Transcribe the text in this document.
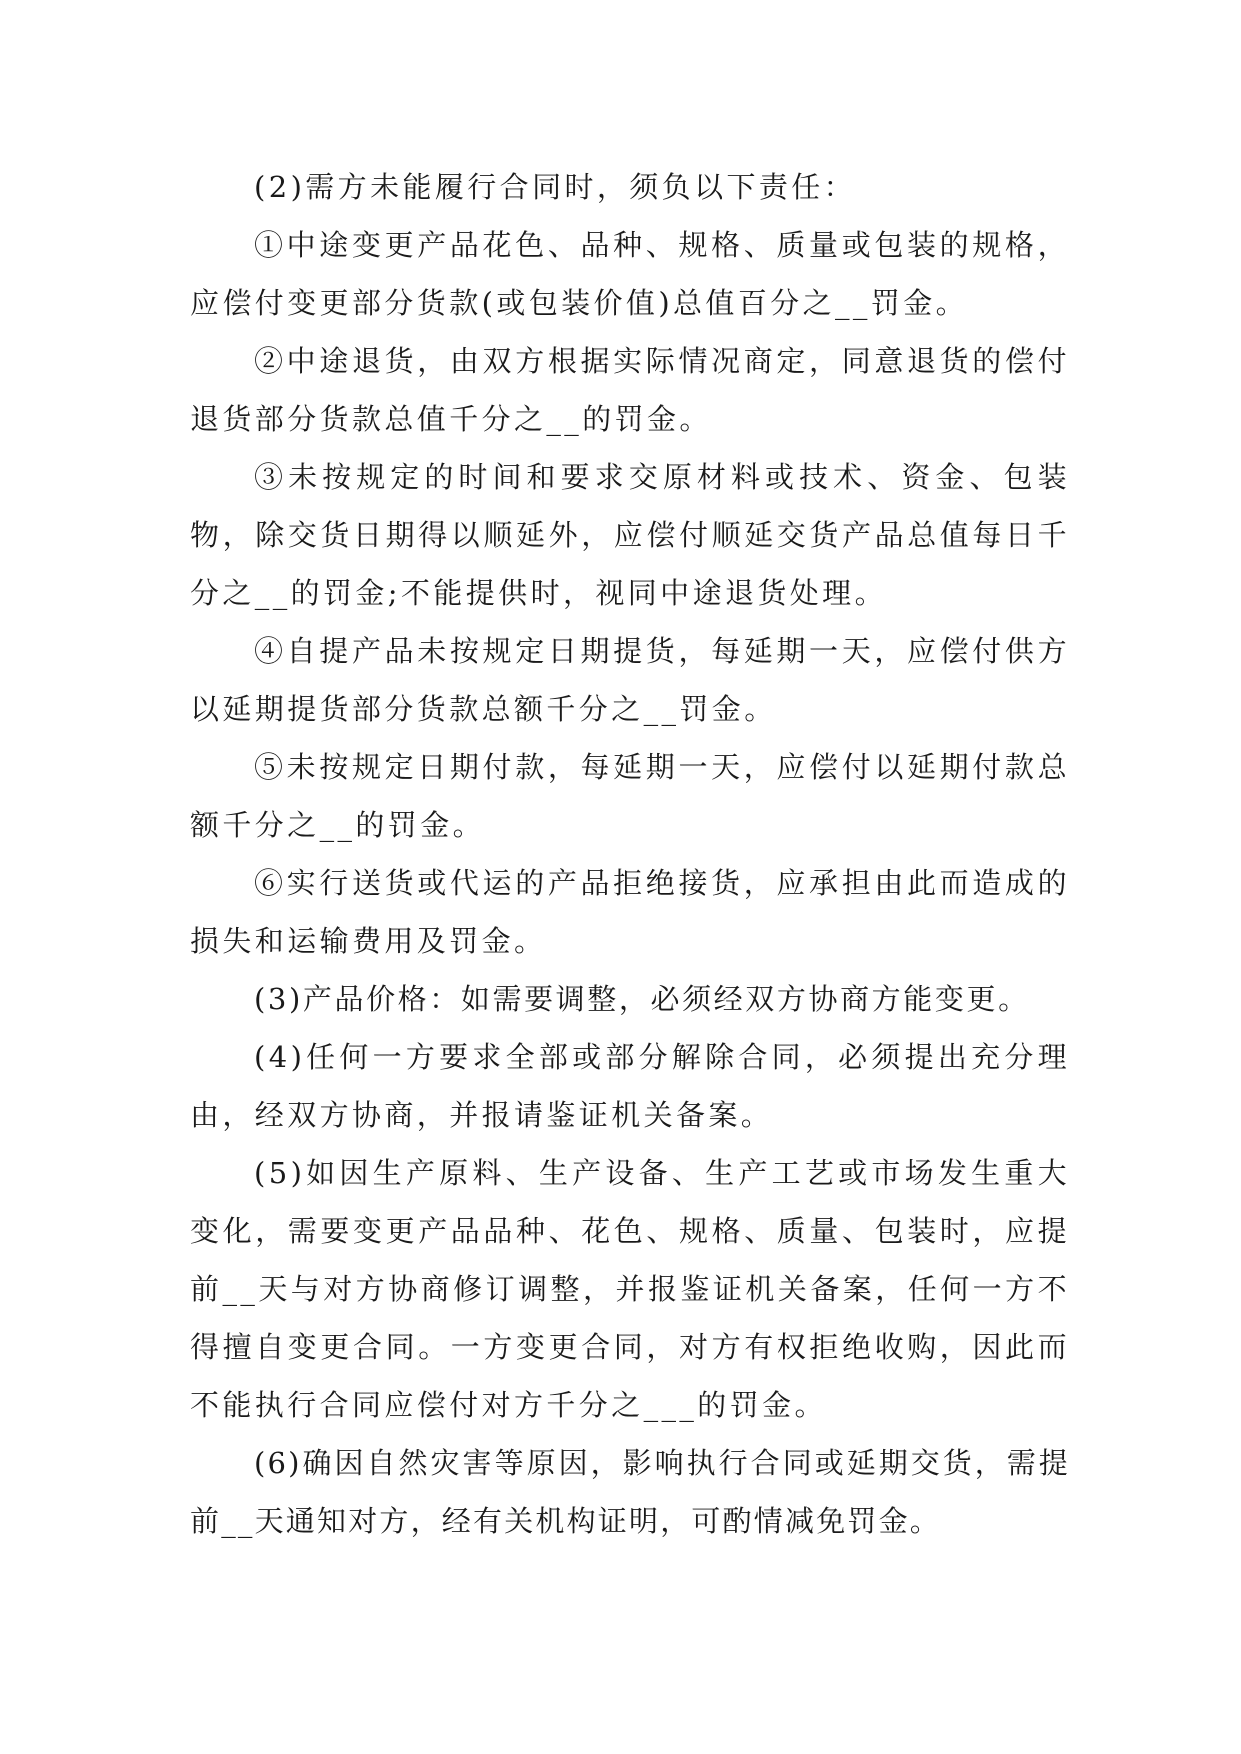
(2)需方未能履行合同时，须负以下责任：

①中途变更产品花色、品种、规格、质量或包装的规格，应偿付变更部分货款(或包装价值)总值百分之__罚金。

②中途退货，由双方根据实际情况商定，同意退货的偿付退货部分货款总值千分之__的罚金。

③未按规定的时间和要求交原材料或技术、资金、包装物，除交货日期得以顺延外，应偿付顺延交货产品总值每日千分之__的罚金;不能提供时，视同中途退货处理。

④自提产品未按规定日期提货，每延期一天，应偿付供方以延期提货部分货款总额千分之__罚金。

⑤未按规定日期付款，每延期一天，应偿付以延期付款总额千分之__的罚金。

⑥实行送货或代运的产品拒绝接货，应承担由此而造成的损失和运输费用及罚金。

(3)产品价格：如需要调整，必须经双方协商方能变更。

(4)任何一方要求全部或部分解除合同，必须提出充分理由，经双方协商，并报请鉴证机关备案。

(5)如因生产原料、生产设备、生产工艺或市场发生重大变化，需要变更产品品种、花色、规格、质量、包装时，应提前__天与对方协商修订调整，并报鉴证机关备案，任何一方不得擅自变更合同。一方变更合同，对方有权拒绝收购，因此而不能执行合同应偿付对方千分之___的罚金。

(6)确因自然灾害等原因，影响执行合同或延期交货，需提前__天通知对方，经有关机构证明，可酌情减免罚金。
